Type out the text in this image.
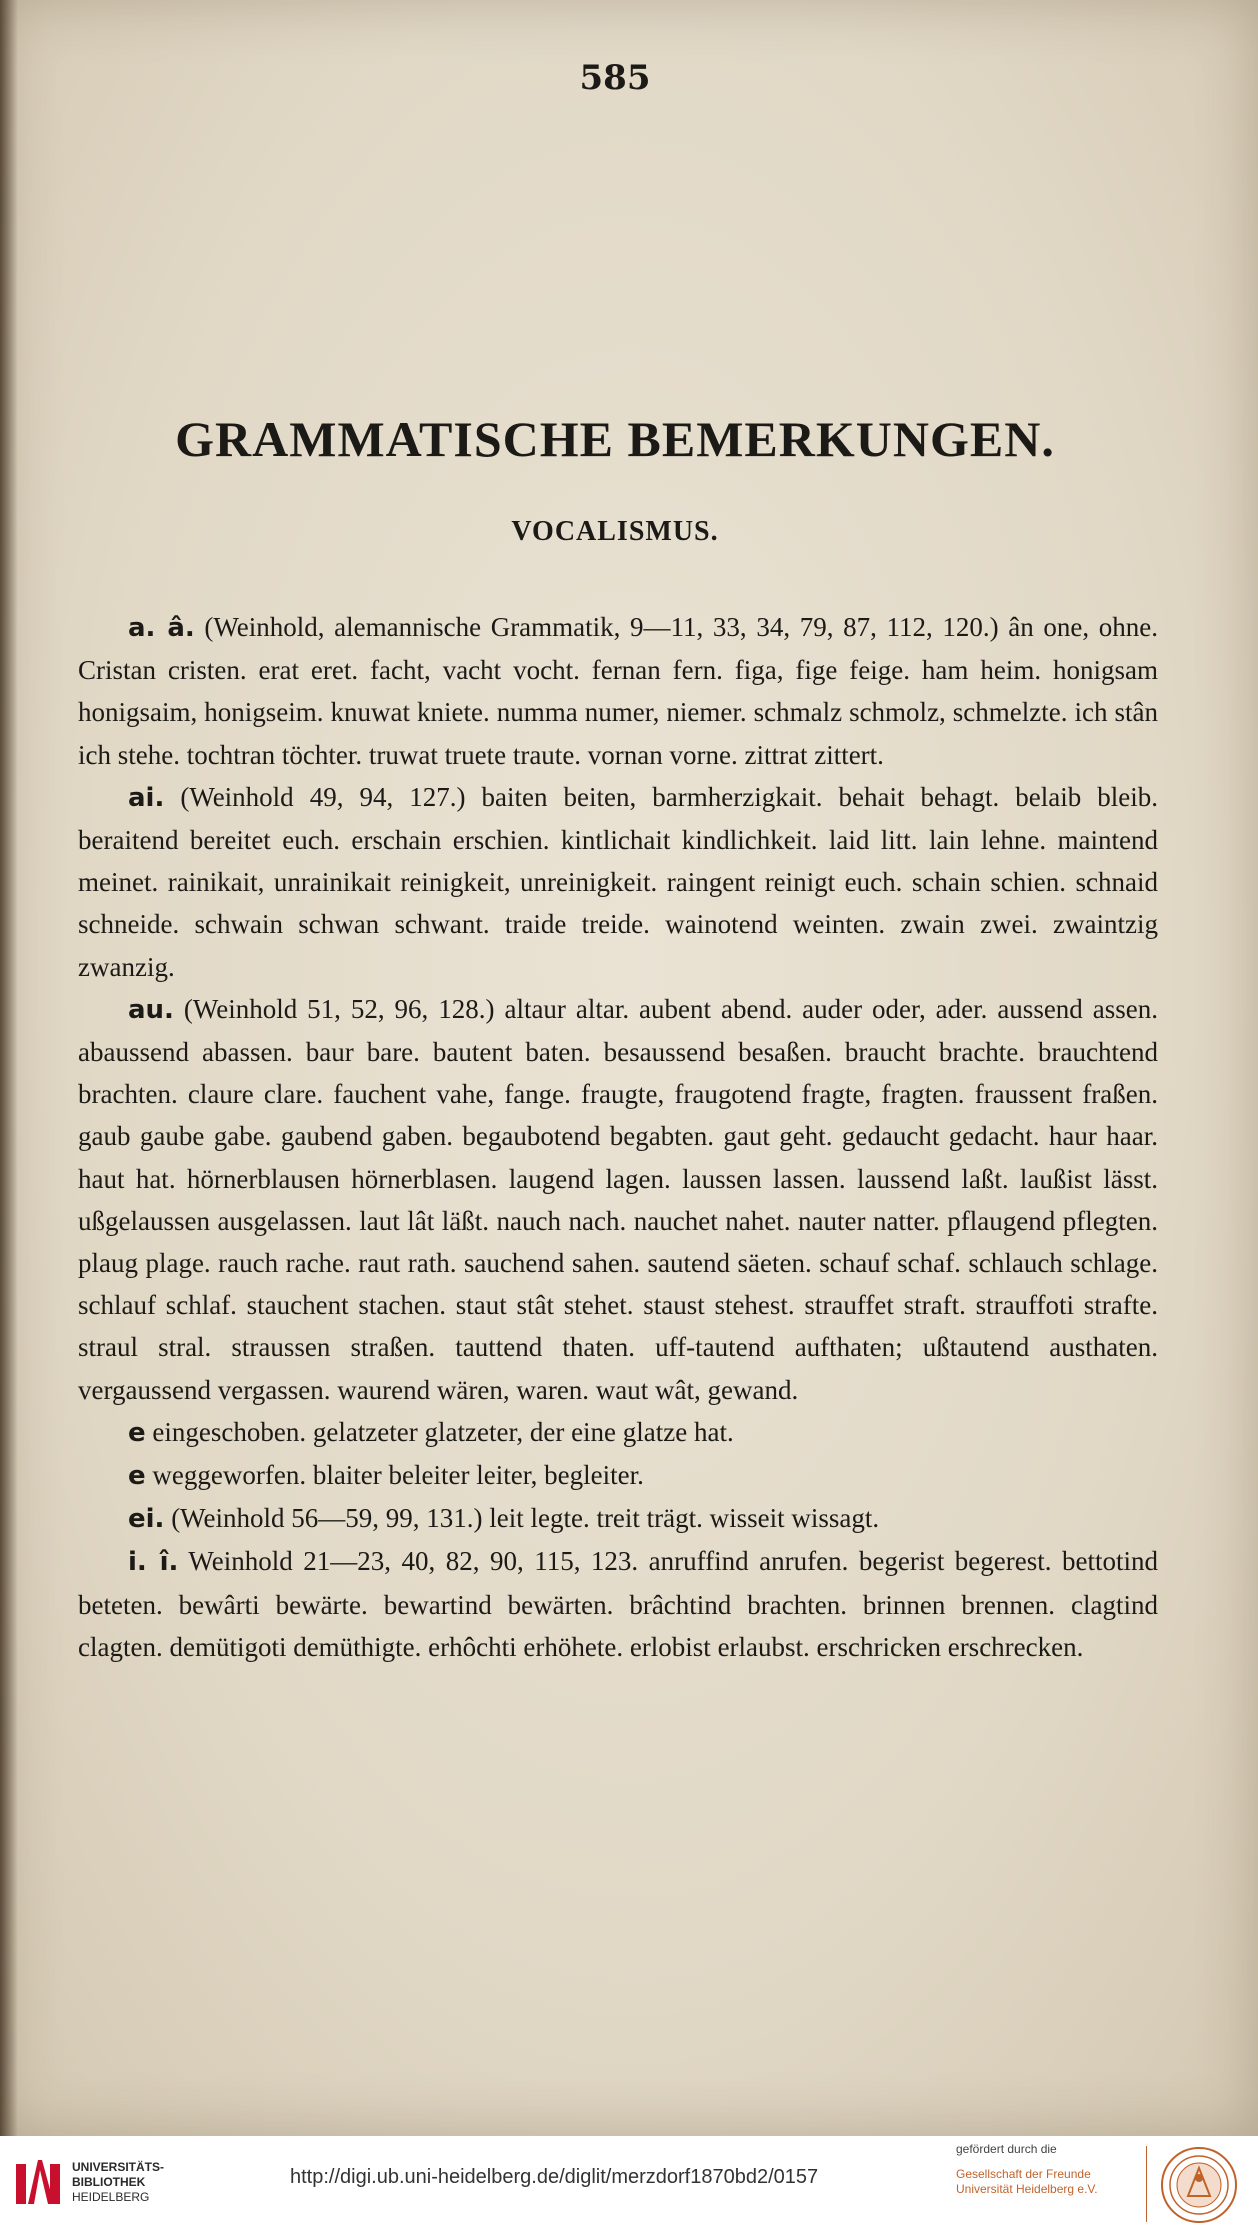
585
GRAMMATISCHE BEMERKUNGEN.
VOCALISMUS.

a. â. (Weinhold, alemannische Grammatik, 9—11, 33, 34, 79, 87, 112, 120.) ân one, ohne. Cristan cristen. erat eret. facht, vacht vocht. fernan fern. figa, fige feige. ham heim. honigsam honigsaim, honigseim. knuwat kniete. numma numer, niemer. schmalz schmolz, schmelzte. ich stân ich stehe. tochtran töchter. truwat truete traute. vornan vorne. zittrat zittert.

ai. (Weinhold 49, 94, 127.) baiten beiten, barmherzigkait. behait behagt. belaib bleib. beraitend bereitet euch. erschain erschien. kintlichait kindlichkeit. laid litt. lain lehne. maintend meinet. rainikait, unrainikait reinigkeit, unreinigkeit. raingent reinigt euch. schain schien. schnaid schneide. schwain schwan schwant. traide treide. wainotend weinten. zwain zwei. zwaintzig zwanzig.

au. (Weinhold 51, 52, 96, 128.) altaur altar. aubent abend. auder oder, ader. aussend assen. abaussend abassen. baur bare. bautent baten. besaussend besaßen. braucht brachte. brauchtend brachten. claure clare. fauchent vahe, fange. fraugte, fraugotend fragte, fragten. fraussent fraßen. gaub gaube gabe. gaubend gaben. begaubotend begabten. gaut geht. gedaucht gedacht. haur haar. haut hat. hörnerblausen hörnerblasen. laugend lagen. laussen lassen. laussend laßt. laußist lässt. ußgelaussen ausgelassen. laut lât läßt. nauch nach. nauchet nahet. nauter natter. pflaugend pflegten. plaug plage. rauch rache. raut rath. sauchend sahen. sautend säeten. schauf schaf. schlauch schlage. schlauf schlaf. stauchent stachen. staut stât stehet. staust stehest. strauffet straft. strauffoti strafte. straul stral. straussen straßen. tauttend thaten. uff-tautend aufthaten; ußtautend austhaten. vergaussend vergassen. waurend wären, waren. waut wât, gewand.

e eingeschoben. gelatzeter glatzeter, der eine glatze hat.

e weggeworfen. blaiter beleiter leiter, begleiter.

ei. (Weinhold 56—59, 99, 131.) leit legte. treit trägt. wisseit wissagt.

i. î. Weinhold 21—23, 40, 82, 90, 115, 123. anruffind anrufen. begerist begerest. bettotind beteten. bewârti bewärte. bewartind bewärten. brâchtind brachten. brinnen brennen. clagtind clagten. demütigoti demüthigte. erhôchti erhöhete. erlobist erlaubst. erschricken erschrecken.

UNIVERSITÄTS-
BIBLIOTHEK
HEIDELBERG
http://digi.ub.uni-heidelberg.de/diglit/merzdorf1870bd2/0157
gefördert durch die
Gesellschaft der Freunde
Universität Heidelberg e.V.
